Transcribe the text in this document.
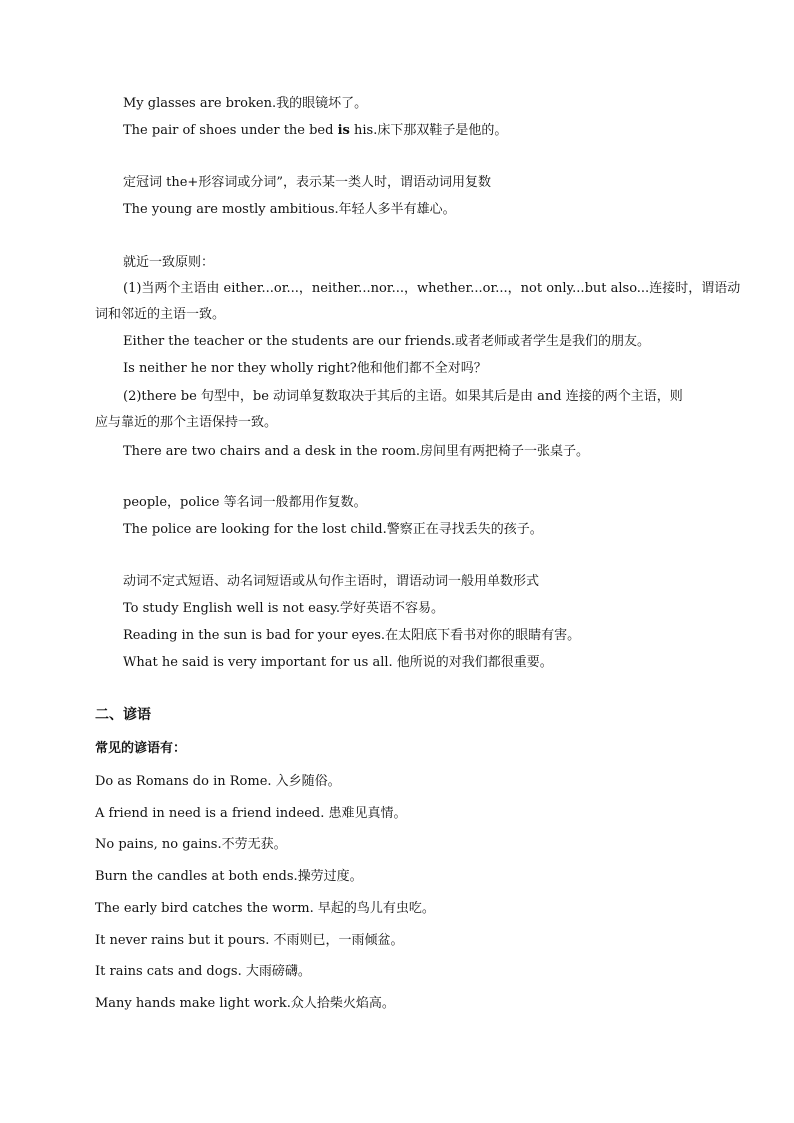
My glasses are broken.我的眼镜坏了。
The pair of shoes under the bed is his.床下那双鞋子是他的。
定冠词 the+形容词或分词”，表示某一类人时，谓语动词用复数
The young are mostly ambitious.年轻人多半有雄心。
就近一致原则：
(1)当两个主语由 either...or...，neither...nor...，whether...or...，not only...but also...连接时，谓语动
词和邻近的主语一致。
Either the teacher or the students are our friends.或者老师或者学生是我们的朋友。
Is neither he nor they wholly right?他和他们都不全对吗？
(2)there be 句型中，be 动词单复数取决于其后的主语。如果其后是由 and 连接的两个主语，则
应与靠近的那个主语保持一致。
There are two chairs and a desk in the room.房间里有两把椅子一张桌子。
people，police 等名词一般都用作复数。
The police are looking for the lost child.警察正在寻找丢失的孩子。
动词不定式短语、动名词短语或从句作主语时，谓语动词一般用单数形式
To study English well is not easy.学好英语不容易。
Reading in the sun is bad for your eyes.在太阳底下看书对你的眼睛有害。
What he said is very important for us all. 他所说的对我们都很重要。
二、谚语
常见的谚语有：
Do as Romans do in Rome. 入乡随俗。
A friend in need is a friend indeed. 患难见真情。
No pains, no gains.不劳无获。
Burn the candles at both ends.操劳过度。
The early bird catches the worm. 早起的鸟儿有虫吃。
It never rains but it pours. 不雨则已，一雨倾盆。
It rains cats and dogs. 大雨磅礴。
Many hands make light work.众人拾柴火焰高。
